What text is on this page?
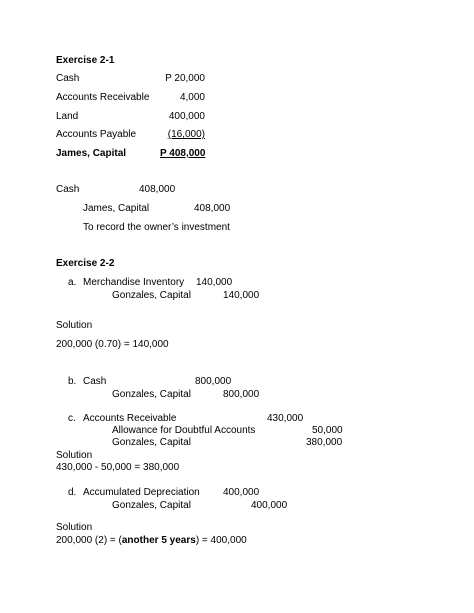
Exercise 2-1
Cash	P 20,000
Accounts Receivable	4,000
Land	400,000
Accounts Payable	(16,000)
James, Capital	P 408,000
Cash	408,000
James, Capital	408,000
To record the owner’s investment
Exercise 2-2
a. Merchandise Inventory 140,000
Gonzales, Capital	140,000
Solution
200,000 (0.70) = 140,000
b. Cash	800,000
Gonzales, Capital	800,000
c. Accounts Receivable	430,000
Allowance for Doubtful Accounts	50,000
Gonzales, Capital	380,000
Solution
430,000 - 50,000 = 380,000
d. Accumulated Depreciation 400,000
Gonzales, Capital	400,000
Solution
200,000 (2) = (another 5 years) = 400,000
